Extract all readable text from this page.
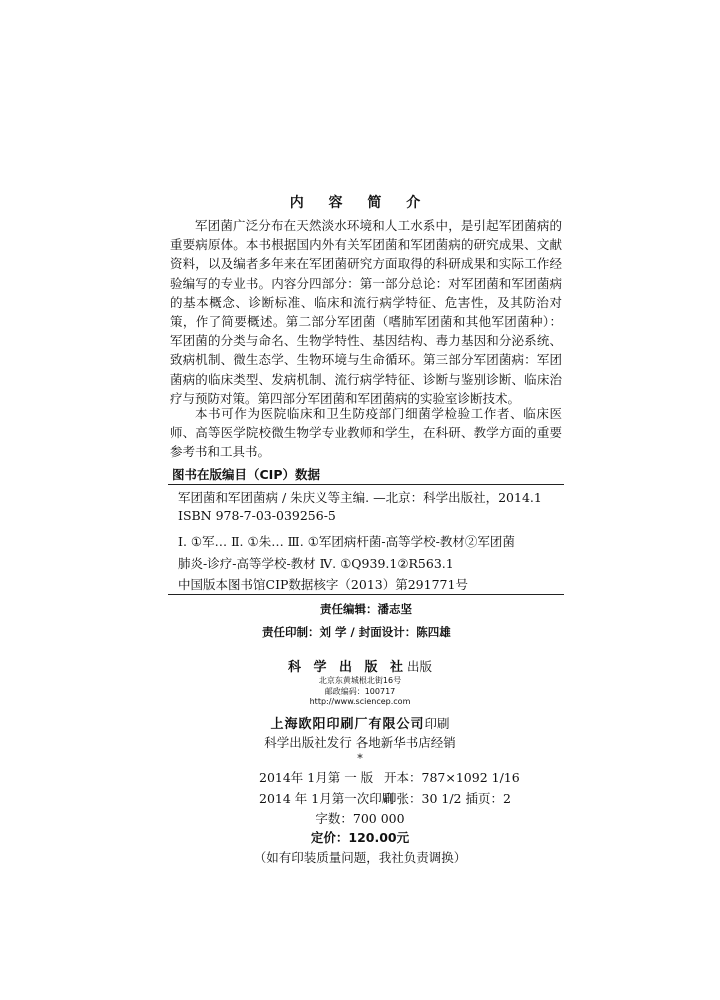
内 容 简 介
军团菌广泛分布在天然淡水环境和人工水系中，是引起军团菌病的重要病原体。本书根据国内外有关军团菌和军团菌病的研究成果、文献资料，以及编者多年来在军团菌研究方面取得的科研成果和实际工作经验编写的专业书。内容分四部分：第一部分总论：对军团菌和军团菌病的基本概念、诊断标准、临床和流行病学特征、危害性，及其防治对策，作了简要概述。第二部分军团菌（嗜肺军团菌和其他军团菌种）：军团菌的分类与命名、生物学特性、基因结构、毒力基因和分泌系统、致病机制、微生态学、生物环境与生命循环。第三部分军团菌病：军团菌病的临床类型、发病机制、流行病学特征、诊断与鉴别诊断、临床治疗与预防对策。第四部分军团菌和军团菌病的实验室诊断技术。
本书可作为医院临床和卫生防疫部门细菌学检验工作者、临床医师、高等医学院校微生物学专业教师和学生，在科研、教学方面的重要参考书和工具书。
图书在版编目（CIP）数据
军团菌和军团菌病 / 朱庆义等主编. —北京：科学出版社，2014.1
ISBN 978-7-03-039256-5
Ⅰ. ①军… Ⅱ. ①朱… Ⅲ. ①军团病杆菌-高等学校-教材②军团菌
肺炎-诊疗-高等学校-教材 Ⅳ. ①Q939.1②R563.1
中国版本图书馆CIP数据核字（2013）第291771号
责任编辑：潘志坚
责任印制：刘 学 / 封面设计：陈四雄
科 学 出 版 社出版
北京东黄城根北街16号
邮政编码：100717
http://www.sciencep.com
上海欧阳印刷厂有限公司印刷
科学出版社发行 各地新华书店经销
*
2014年 1月第 一 版 开本：787×1092 1/16
2014 年 1月第一次印刷
印张：30 1/2 插页：2
字数：700 000
定价：120.00元
（如有印装质量问题，我社负责调换）
